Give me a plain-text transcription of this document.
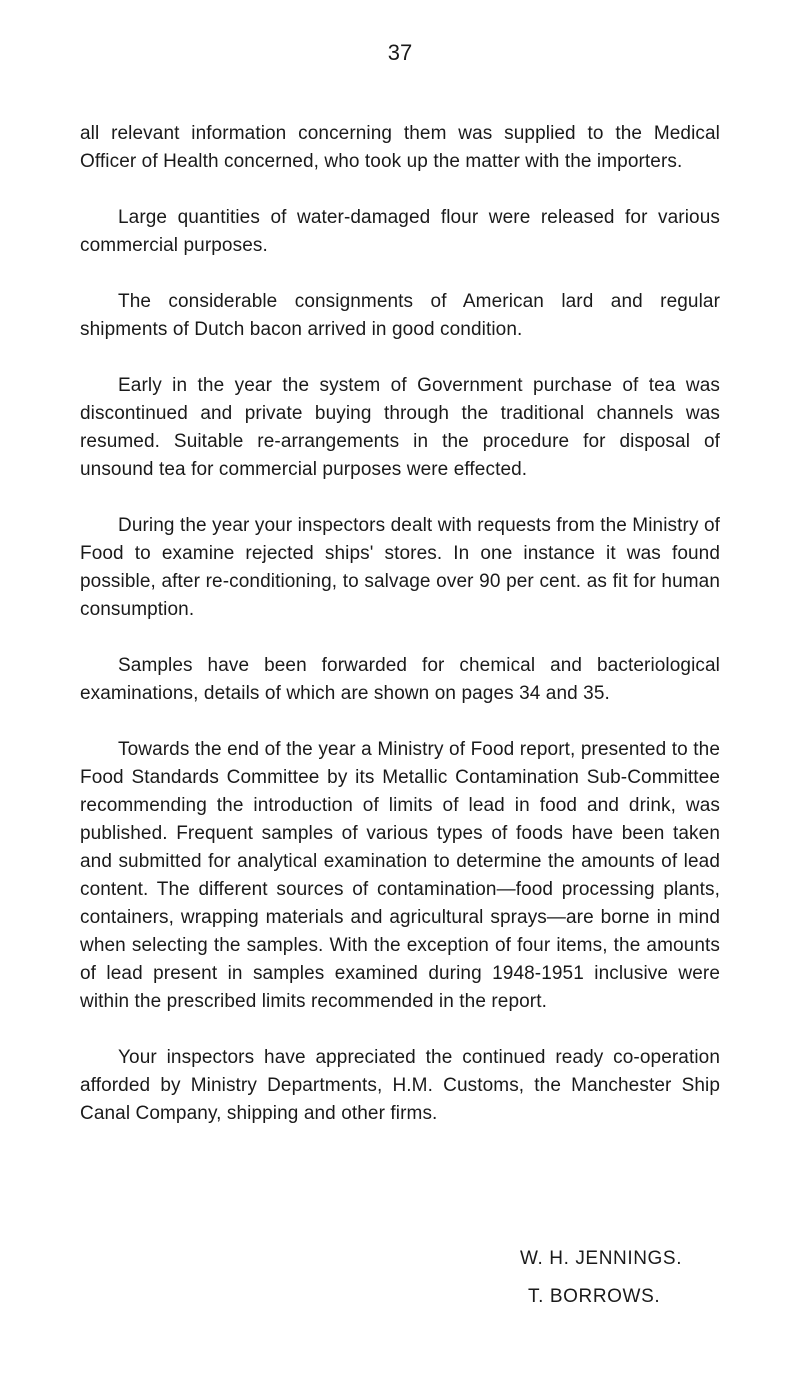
37

all relevant information concerning them was supplied to the Medical Officer of Health concerned, who took up the matter with the importers.

Large quantities of water-damaged flour were released for various commercial purposes.

The considerable consignments of American lard and regular shipments of Dutch bacon arrived in good condition.

Early in the year the system of Government purchase of tea was discontinued and private buying through the traditional channels was resumed. Suitable re-arrangements in the procedure for disposal of unsound tea for commercial purposes were effected.

During the year your inspectors dealt with requests from the Ministry of Food to examine rejected ships' stores. In one instance it was found possible, after re-conditioning, to salvage over 90 per cent. as fit for human consumption.

Samples have been forwarded for chemical and bacteriological examinations, details of which are shown on pages 34 and 35.

Towards the end of the year a Ministry of Food report, presented to the Food Standards Committee by its Metallic Contamination Sub-Committee recommending the introduction of limits of lead in food and drink, was published. Frequent samples of various types of foods have been taken and submitted for analytical examination to determine the amounts of lead content. The different sources of contamination—food processing plants, containers, wrapping materials and agricultural sprays—are borne in mind when selecting the samples. With the exception of four items, the amounts of lead present in samples examined during 1948-1951 inclusive were within the prescribed limits recommended in the report.

Your inspectors have appreciated the continued ready co-operation afforded by Ministry Departments, H.M. Customs, the Manchester Ship Canal Company, shipping and other firms.

W. H. JENNINGS.
T. BORROWS.
